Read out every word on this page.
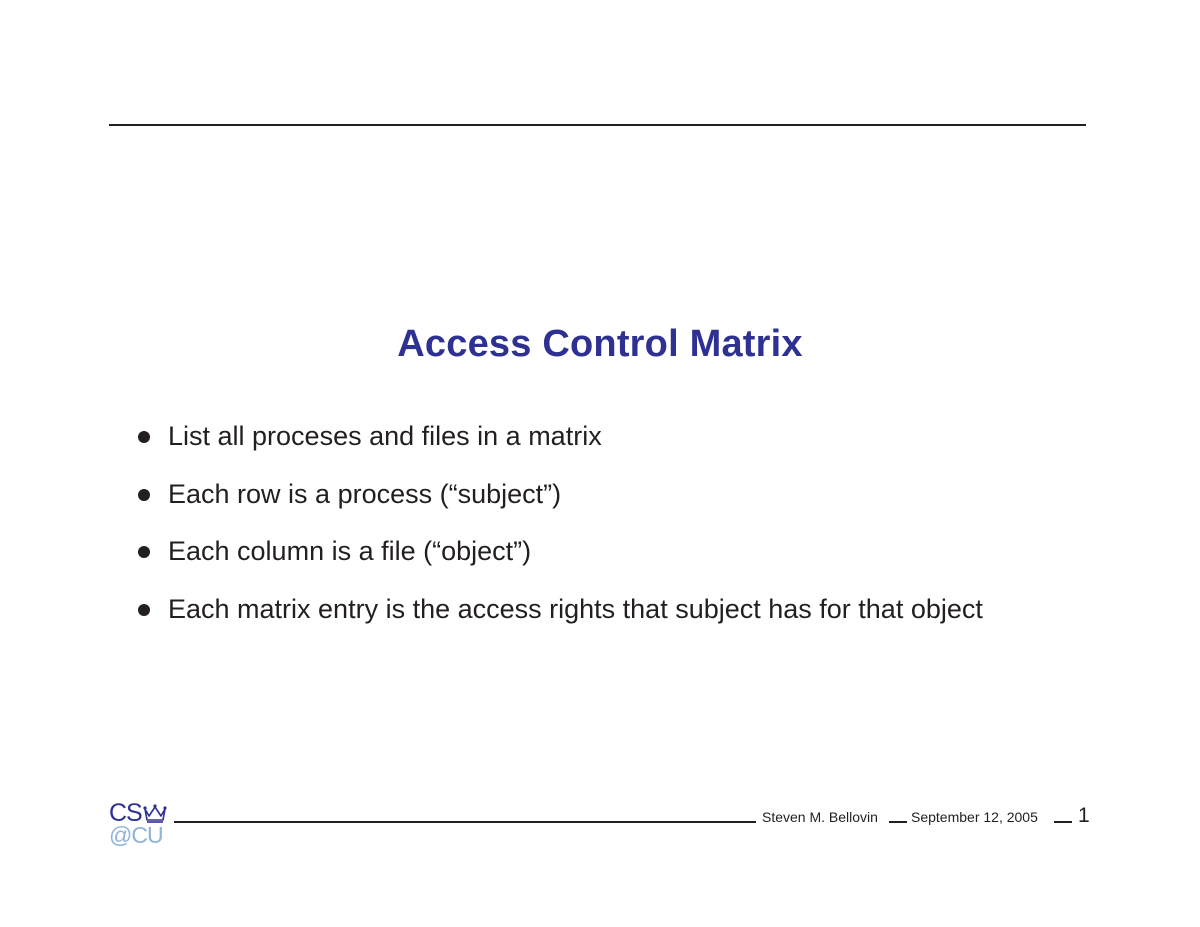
Access Control Matrix
List all proceses and files in a matrix
Each row is a process (“subject”)
Each column is a file (“object”)
Each matrix entry is the access rights that subject has for that object
CS
@CU
Steven M. Bellovin September 12, 2005 1
